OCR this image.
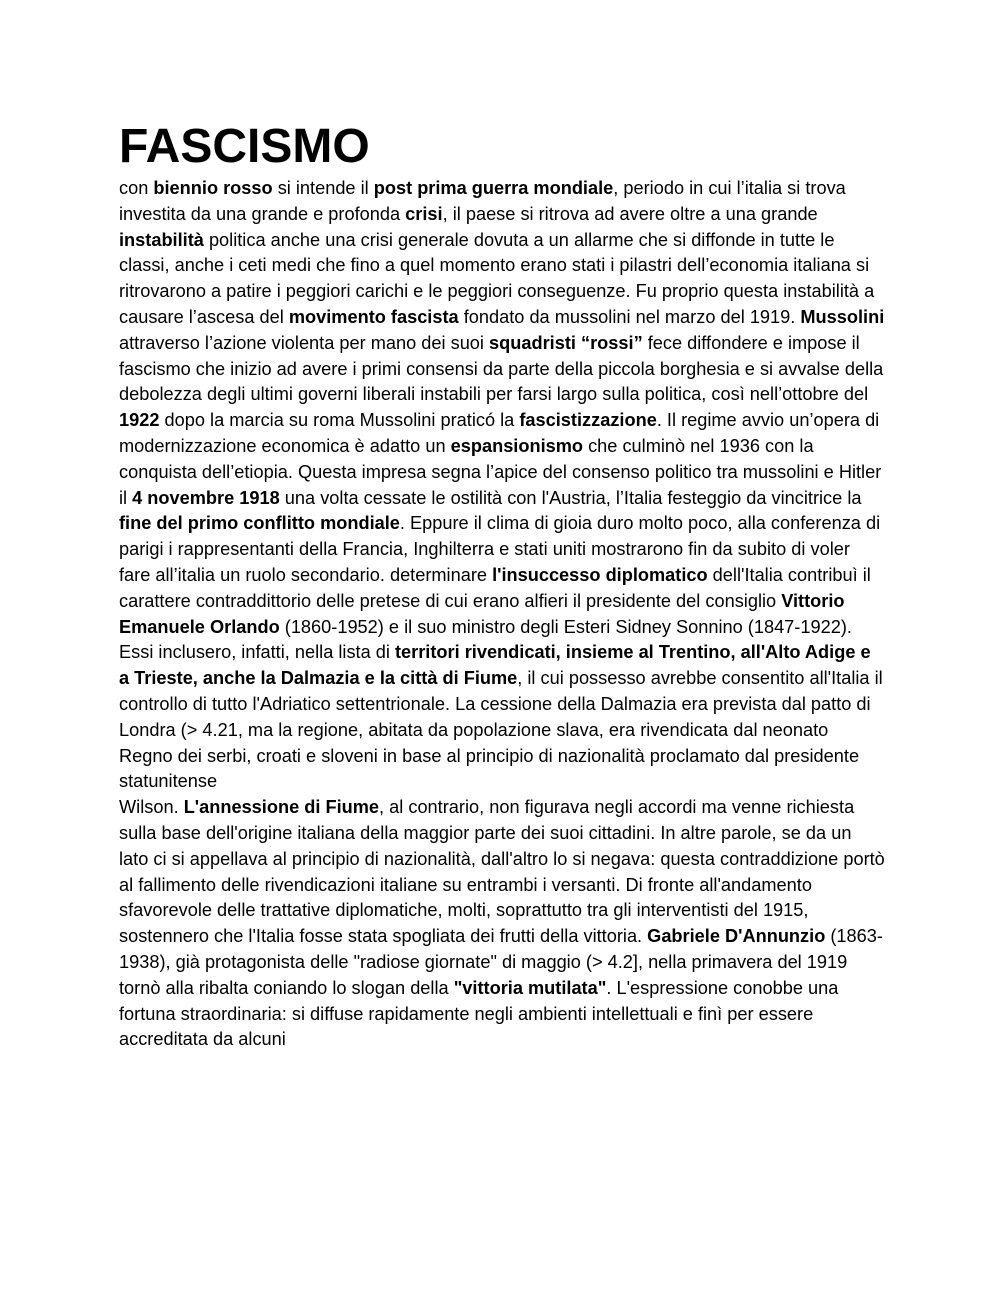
FASCISMO

con biennio rosso si intende il post prima guerra mondiale, periodo in cui l’italia si trova investita da una grande e profonda crisi, il paese si ritrova ad avere oltre a una grande instabilità politica anche una crisi generale dovuta a un allarme che si diffonde in tutte le classi, anche i ceti medi che fino a quel momento erano stati i pilastri dell’economia italiana si ritrovarono a patire i peggiori carichi e le peggiori conseguenze. Fu proprio questa instabilità a causare l’ascesa del movimento fascista fondato da mussolini nel marzo del 1919. Mussolini attraverso l’azione violenta per mano dei suoi squadristi “rossi” fece diffondere e impose il fascismo che inizio ad avere i primi consensi da parte della piccola borghesia e si avvalse della debolezza degli ultimi governi liberali instabili per farsi largo sulla politica, così nell’ottobre del 1922 dopo la marcia su roma Mussolini praticó la fascistizzazione. Il regime avvio un’opera di modernizzazione economica è adatto un espansionismo che culminò nel 1936 con la conquista dell’etiopia. Questa impresa segna l’apice del consenso politico tra mussolini e Hitler

il 4 novembre 1918 una volta cessate le ostilità con l'Austria, l’Italia festeggio da vincitrice la fine del primo conflitto mondiale. Eppure il clima di gioia duro molto poco, alla conferenza di parigi i rappresentanti della Francia, Inghilterra e stati uniti mostrarono fin da subito di voler fare all’italia un ruolo secondario. determinare l'insuccesso diplomatico dell'Italia contribuì il carattere contraddittorio delle pretese di cui erano alfieri il presidente del consiglio Vittorio Emanuele Orlando (1860-1952) e il suo ministro degli Esteri Sidney Sonnino (1847-1922). Essi inclusero, infatti, nella lista di territori rivendicati, insieme al Trentino, all'Alto Adige e a Trieste, anche la Dalmazia e la città di Fiume, il cui possesso avrebbe consentito all'Italia il controllo di tutto l'Adriatico settentrionale. La cessione della Dalmazia era prevista dal patto di Londra (> 4.21, ma la regione, abitata da popolazione slava, era rivendicata dal neonato Regno dei serbi, croati e sloveni in base al principio di nazionalità proclamato dal presidente statunitense

Wilson. L'annessione di Fiume, al contrario, non figurava negli accordi ma venne richiesta sulla base dell'origine italiana della maggior parte dei suoi cittadini. In altre parole, se da un lato ci si appellava al principio di nazionalità, dall'altro lo si negava: questa contraddizione portò al fallimento delle rivendicazioni italiane su entrambi i versanti. Di fronte all'andamento sfavorevole delle trattative diplomatiche, molti, soprattutto tra gli interventisti del 1915, sostennero che l'Italia fosse stata spogliata dei frutti della vittoria. Gabriele D'Annunzio (1863-1938), già protagonista delle "radiose giornate" di maggio (> 4.2], nella primavera del 1919 tornò alla ribalta coniando lo slogan della "vittoria mutilata". L'espressione conobbe una fortuna straordinaria: si diffuse rapidamente negli ambienti intellettuali e finì per essere accreditata da alcuni
